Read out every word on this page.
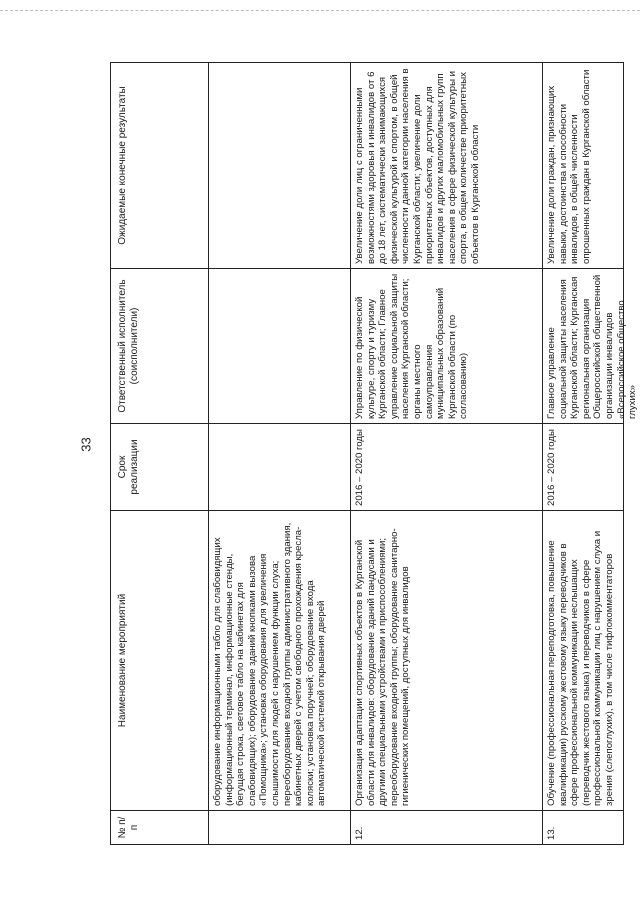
33
№ п/п
Наименование мероприятий
Срок реализации
Ответственный исполнитель (соисполнители)
Ожидаемые конечные результаты
оборудование информационными табло для слабовидящих (информационный терминал, информационные стенды, бегущая строка, световое табло на кабинетах для слабовидящих); оборудование зданий кнопками вызова «Помощника»; установка оборудования для увеличения слышимости для людей с нарушением функции слуха; переоборудование входной группы административного здания, кабинетных дверей с учетом свободного прохождения кресла-коляски; установка поручней; оборудование входа автоматической системой открывания дверей
12.
Организация адаптации спортивных объектов в Курганской области для инвалидов: оборудование зданий пандусами и другими специальными устройствами и приспособлениями; переоборудование входной группы; оборудование санитарно-гигиенических помещений, доступных для инвалидов
2016 – 2020 годы
Управление по физической культуре, спорту и туризму Курганской области; Главное управление социальной защиты населения Курганской области; органы местного самоуправления муниципальных образований Курганской области (по согласованию)
Увеличение доли лиц с ограниченными возможностями здоровья и инвалидов от 6 до 18 лет, систематически занимающихся физической культурой и спортом, в общей численности данной категории населения в Курганской области; увеличение доли приоритетных объектов, доступных для инвалидов и других маломобильных групп населения в сфере физической культуры и спорта, в общем количестве приоритетных объектов в Курганской области
13.
Обучение (профессиональная переподготовка, повышение квалификации) русскому жестовому языку переводчиков в сфере профессиональной коммуникации неслышащих (переводчик жестового языка) и переводчиков в сфере профессиональной коммуникации лиц с нарушением слуха и зрения (слепоглухих), в том числе тифлокомментаторов
2016 – 2020 годы
Главное управление социальной защиты населения Курганской области; Курганская региональная организация Общероссийской общественной организации инвалидов «Всероссийское общество глухих»
Увеличение доли граждан, признающих навыки, достоинства и способности инвалидов, в общей численности опрошенных граждан в Курганской области
